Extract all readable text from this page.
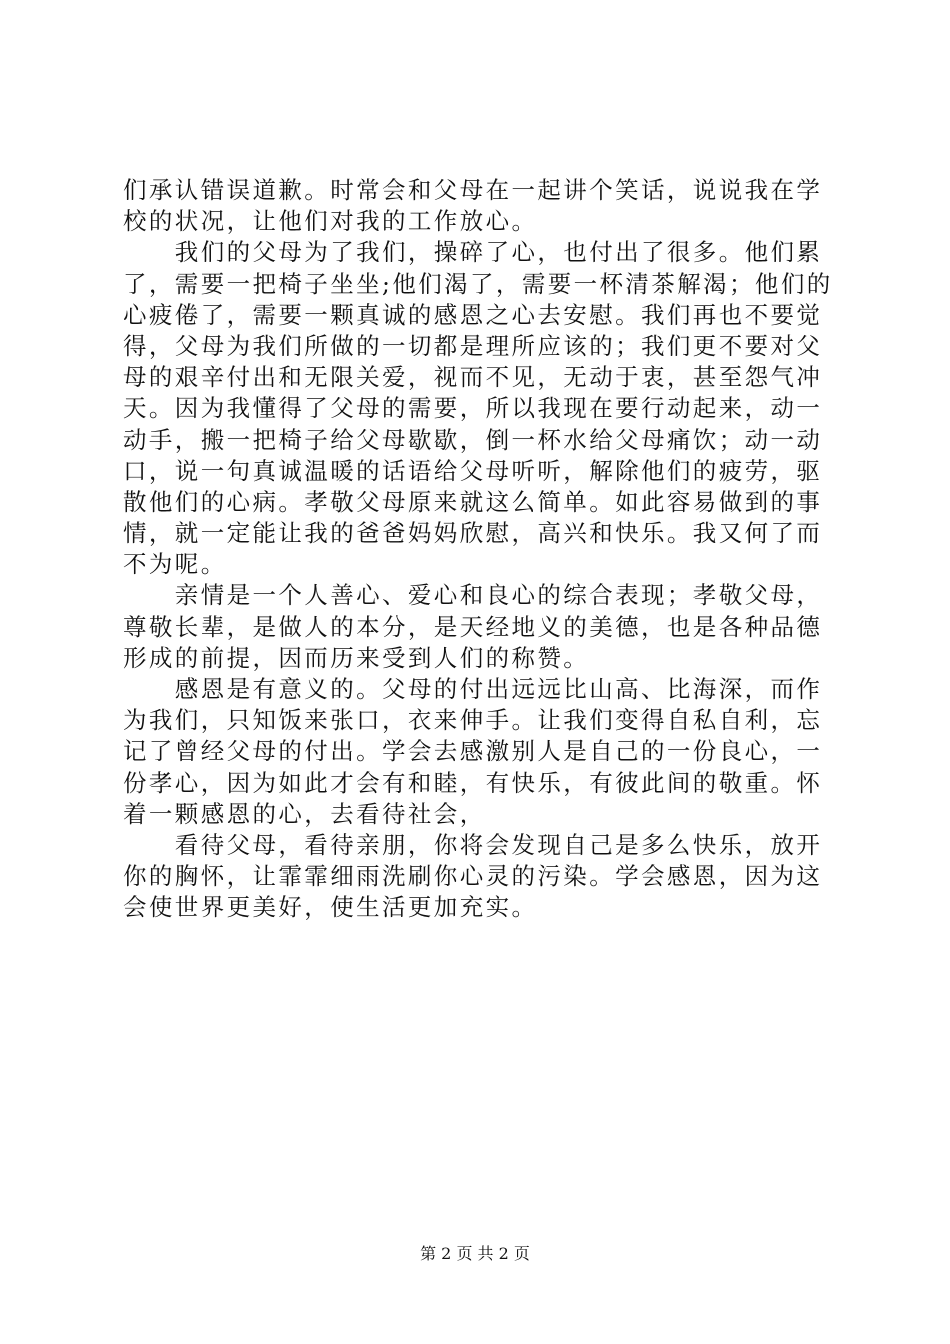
们承认错误道歉。时常会和父母在一起讲个笑话，说说我在学
校的状况，让他们对我的工作放心。
　　我们的父母为了我们，操碎了心，也付出了很多。他们累
了，需要一把椅子坐坐;他们渴了，需要一杯清茶解渴；他们的
心疲倦了，需要一颗真诚的感恩之心去安慰。我们再也不要觉
得，父母为我们所做的一切都是理所应该的；我们更不要对父
母的艰辛付出和无限关爱，视而不见，无动于衷，甚至怨气冲
天。因为我懂得了父母的需要，所以我现在要行动起来，动一
动手，搬一把椅子给父母歇歇，倒一杯水给父母痛饮；动一动
口，说一句真诚温暖的话语给父母听听，解除他们的疲劳，驱
散他们的心病。孝敬父母原来就这么简单。如此容易做到的事
情，就一定能让我的爸爸妈妈欣慰，高兴和快乐。我又何了而
不为呢。
　　亲情是一个人善心、爱心和良心的综合表现；孝敬父母，
尊敬长辈，是做人的本分，是天经地义的美德，也是各种品德
形成的前提，因而历来受到人们的称赞。
　　感恩是有意义的。父母的付出远远比山高、比海深，而作
为我们，只知饭来张口，衣来伸手。让我们变得自私自利，忘
记了曾经父母的付出。学会去感激别人是自己的一份良心，一
份孝心，因为如此才会有和睦，有快乐，有彼此间的敬重。怀
着一颗感恩的心，去看待社会，
　　看待父母，看待亲朋，你将会发现自己是多么快乐，放开
你的胸怀，让霏霏细雨洗刷你心灵的污染。学会感恩，因为这
会使世界更美好，使生活更加充实。
第 2 页 共 2 页
